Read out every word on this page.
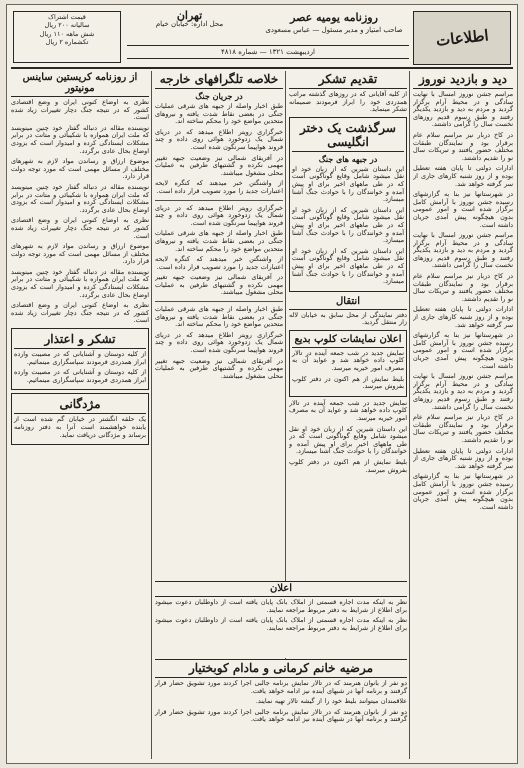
اطلاعات
روزنامه یومیه عصر
صاحب امتیاز و مدیر مسئول — عباس مسعودی
اردیبهشت ۱۳۲۱ — شماره ۴۸۱۸
تهران
محل اداره: خیابان خیام
قیمت اشتراک
سالیانه ۲۰۰ ریال
شش ماهه ۱۱۰ ریال
تکشماره ۲ ریال
دید و بازدید نوروز

مراسم جشن نوروز امسال با نهایت سادگی و در محیط آرام برگزار گردید و مردم به دید و بازدید یکدیگر رفتند و طبق رسوم قدیم روزهای نخست سال را گرامی داشتند.

در کاخ دربار نیز مراسم سلام عام برقرار بود و نمایندگان طبقات مختلف حضور یافتند و تبریکات سال نو را تقدیم داشتند.

ادارات دولتی تا پایان هفته تعطیل بوده و از روز شنبه کارهای جاری از سر گرفته خواهد شد.

در شهرستانها نیز بنا به گزارشهای رسیده جشن نوروز با آرامش کامل برگزار شده است و امور عمومی بدون هیچگونه پیش آمدی جریان داشته است.

مراسم جشن نوروز امسال با نهایت سادگی و در محیط آرام برگزار گردید و مردم به دید و بازدید یکدیگر رفتند و طبق رسوم قدیم روزهای نخست سال را گرامی داشتند.

در کاخ دربار نیز مراسم سلام عام برقرار بود و نمایندگان طبقات مختلف حضور یافتند و تبریکات سال نو را تقدیم داشتند.

ادارات دولتی تا پایان هفته تعطیل بوده و از روز شنبه کارهای جاری از سر گرفته خواهد شد.

در شهرستانها نیز بنا به گزارشهای رسیده جشن نوروز با آرامش کامل برگزار شده است و امور عمومی بدون هیچگونه پیش آمدی جریان داشته است.

مراسم جشن نوروز امسال با نهایت سادگی و در محیط آرام برگزار گردید و مردم به دید و بازدید یکدیگر رفتند و طبق رسوم قدیم روزهای نخست سال را گرامی داشتند.

در کاخ دربار نیز مراسم سلام عام برقرار بود و نمایندگان طبقات مختلف حضور یافتند و تبریکات سال نو را تقدیم داشتند.

ادارات دولتی تا پایان هفته تعطیل بوده و از روز شنبه کارهای جاری از سر گرفته خواهد شد.

در شهرستانها نیز بنا به گزارشهای رسیده جشن نوروز با آرامش کامل برگزار شده است و امور عمومی بدون هیچگونه پیش آمدی جریان داشته است.

تقدیم تشکر

از کلیه آقایانی که در روزهای گذشته مراتب همدردی خود را ابراز فرمودند صمیمانه تشکر مینماید.

سرگذشت یک دختر انگلیسی
در جبهه های جنگ

این داستان شیرین که از زبان خود او نقل میشود شامل وقایع گوناگونی است که در طی ماههای اخیر برای او پیش آمده و خوانندگان را با حوادث جنگ آشنا میسازد.

این داستان شیرین که از زبان خود او نقل میشود شامل وقایع گوناگونی است که در طی ماههای اخیر برای او پیش آمده و خوانندگان را با حوادث جنگ آشنا میسازد.

این داستان شیرین که از زبان خود او نقل میشود شامل وقایع گوناگونی است که در طی ماههای اخیر برای او پیش آمده و خوانندگان را با حوادث جنگ آشنا میسازد.

انتقال

دفتر نمایندگی از محل سابق به خیابان لاله زار منتقل گردید.

اعلان نمایشات کلوپ بدیع

نمایش جدید در شب جمعه آینده در تالار کلوپ داده خواهد شد و عواید آن به مصرف امور خیریه میرسد.

بلیط نمایش از هم اکنون در دفتر کلوپ بفروش میرسد.

نمایش جدید در شب جمعه آینده در تالار کلوپ داده خواهد شد و عواید آن به مصرف امور خیریه میرسد.

این داستان شیرین که از زبان خود او نقل میشود شامل وقایع گوناگونی است که در طی ماههای اخیر برای او پیش آمده و خوانندگان را با حوادث جنگ آشنا میسازد.

بلیط نمایش از هم اکنون در دفتر کلوپ بفروش میرسد.

خلاصه تلگرافهای خارجه
در جریان جنگ

طبق اخبار واصله از جبهه های شرقی عملیات جنگی در بعضی نقاط شدت یافته و نیروهای متحدین مواضع خود را محکم ساخته اند.

خبرگزاری رویتر اطلاع میدهد که در دریای شمال یک زدوخورد هوائی روی داده و چند فروند هواپیما سرنگون شده است.

در آفریقای شمالی نیز وضعیت جبهه تغییر مهمی نکرده و گشتیهای طرفین به عملیات محلی مشغول میباشند.

از واشنگتن خبر میدهند که کنگره لایحه اعتبارات جدید را مورد تصویب قرار داده است.

خبرگزاری رویتر اطلاع میدهد که در دریای شمال یک زدوخورد هوائی روی داده و چند فروند هواپیما سرنگون شده است.

طبق اخبار واصله از جبهه های شرقی عملیات جنگی در بعضی نقاط شدت یافته و نیروهای متحدین مواضع خود را محکم ساخته اند.

از واشنگتن خبر میدهند که کنگره لایحه اعتبارات جدید را مورد تصویب قرار داده است.

در آفریقای شمالی نیز وضعیت جبهه تغییر مهمی نکرده و گشتیهای طرفین به عملیات محلی مشغول میباشند.

طبق اخبار واصله از جبهه های شرقی عملیات جنگی در بعضی نقاط شدت یافته و نیروهای متحدین مواضع خود را محکم ساخته اند.

خبرگزاری رویتر اطلاع میدهد که در دریای شمال یک زدوخورد هوائی روی داده و چند فروند هواپیما سرنگون شده است.

در آفریقای شمالی نیز وضعیت جبهه تغییر مهمی نکرده و گشتیهای طرفین به عملیات محلی مشغول میباشند.

از روزنامه کریستین ساینس مونیتور

نظری به اوضاع کنونی ایران و وضع اقتصادی کشور که در نتیجه جنگ دچار تغییرات زیاد شده است.

نویسنده مقاله در دنباله گفتار خود چنین مینویسد که ملت ایران همواره با شکیبائی و متانت در برابر مشکلات ایستادگی کرده و امیدوار است که بزودی اوضاع بحال عادی برگردد.

موضوع ارزاق و رساندن مواد لازم به شهرهای مختلف از مسائل مهمی است که مورد توجه دولت قرار دارد.

نویسنده مقاله در دنباله گفتار خود چنین مینویسد که ملت ایران همواره با شکیبائی و متانت در برابر مشکلات ایستادگی کرده و امیدوار است که بزودی اوضاع بحال عادی برگردد.

نظری به اوضاع کنونی ایران و وضع اقتصادی کشور که در نتیجه جنگ دچار تغییرات زیاد شده است.

موضوع ارزاق و رساندن مواد لازم به شهرهای مختلف از مسائل مهمی است که مورد توجه دولت قرار دارد.

نویسنده مقاله در دنباله گفتار خود چنین مینویسد که ملت ایران همواره با شکیبائی و متانت در برابر مشکلات ایستادگی کرده و امیدوار است که بزودی اوضاع بحال عادی برگردد.

نظری به اوضاع کنونی ایران و وضع اقتصادی کشور که در نتیجه جنگ دچار تغییرات زیاد شده است.

تشکر و اعتذار

از کلیه دوستان و آشنایانی که در مصیبت وارده ابراز همدردی فرمودند سپاسگزاری مینمائیم.

از کلیه دوستان و آشنایانی که در مصیبت وارده ابراز همدردی فرمودند سپاسگزاری مینمائیم.

مژدگانی

یک حلقه انگشتر در خیابان گم شده است از یابنده خواهشمند است آنرا به دفتر روزنامه برساند و مژدگانی دریافت نماید.

اعلان

نظر به اینکه مدت اجاره قسمتی از املاک بانک پایان یافته است از داوطلبان دعوت میشود برای اطلاع از شرایط به دفتر مربوط مراجعه نمایند.

نظر به اینکه مدت اجاره قسمتی از املاک بانک پایان یافته است از داوطلبان دعوت میشود برای اطلاع از شرایط به دفتر مربوط مراجعه نمایند.

مرضیه خانم کرمانی و مادام کوبختیار

دو نفر از بانوان هنرمند که در تالار نمایش برنامه جالبی اجرا کردند مورد تشویق حضار قرار گرفتند و برنامه آنها در شبهای آینده نیز ادامه خواهد یافت.

علاقمندان میتوانند بلیط خود را از گیشه تالار تهیه نمایند.

دو نفر از بانوان هنرمند که در تالار نمایش برنامه جالبی اجرا کردند مورد تشویق حضار قرار گرفتند و برنامه آنها در شبهای آینده نیز ادامه خواهد یافت.
